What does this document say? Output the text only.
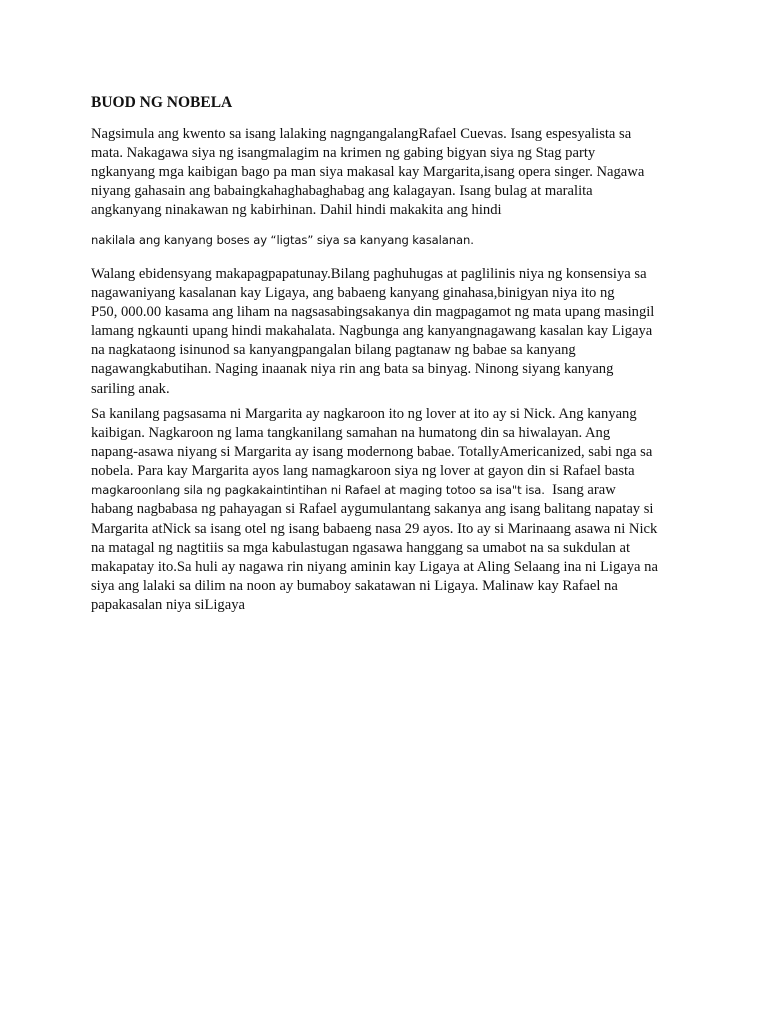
BUOD NG NOBELA

Nagsimula ang kwento sa isang lalaking nagngangalangRafael Cuevas. Isang espesyalista sa
mata. Nakagawa siya ng isangmalagim na krimen ng gabing bigyan siya ng Stag party
ngkanyang mga kaibigan bago pa man siya makasal kay Margarita,isang opera singer. Nagawa
niyang gahasain ang babaingkahaghabaghabag ang kalagayan. Isang bulag at maralita
angkanyang ninakawan ng kabirhinan. Dahil hindi makakita ang hindi

nakilala ang kanyang boses ay “ligtas” siya sa kanyang kasalanan.

Walang ebidensyang makapagpapatunay.Bilang paghuhugas at paglilinis niya ng konsensiya sa
nagawaniyang kasalanan kay Ligaya, ang babaeng kanyang ginahasa,binigyan niya ito ng
P50, 000.00 kasama ang liham na nagsasabingsakanya din magpagamot ng mata upang masingil
lamang ngkaunti upang hindi makahalata. Nagbunga ang kanyangnagawang kasalan kay Ligaya
na nagkataong isinunod sa kanyangpangalan bilang pagtanaw ng babae sa kanyang
nagawangkabutihan. Naging inaanak niya rin ang bata sa binyag. Ninong siyang kanyang
sariling anak.

Sa kanilang pagsasama ni Margarita ay nagkaroon ito ng lover at ito ay si Nick. Ang kanyang
kaibigan. Nagkaroon ng lama tangkanilang samahan na humatong din sa hiwalayan. Ang
napang-asawa niyang si Margarita ay isang modernong babae. TotallyAmericanized, sabi nga sa
nobela. Para kay Margarita ayos lang namagkaroon siya ng lover at gayon din si Rafael basta
magkaroonlang sila ng pagkakaintintihan ni Rafael at maging totoo sa isa"t isa. Isang araw
habang nagbabasa ng pahayagan si Rafael aygumulantang sakanya ang isang balitang napatay si
Margarita atNick sa isang otel ng isang babaeng nasa 29 ayos. Ito ay si Marinaang asawa ni Nick
na matagal ng nagtitiis sa mga kabulastugan ngasawa hanggang sa umabot na sa sukdulan at
makapatay ito.Sa huli ay nagawa rin niyang aminin kay Ligaya at Aling Selaang ina ni Ligaya na
siya ang lalaki sa dilim na noon ay bumaboy sakatawan ni Ligaya. Malinaw kay Rafael na
papakasalan niya siLigaya
